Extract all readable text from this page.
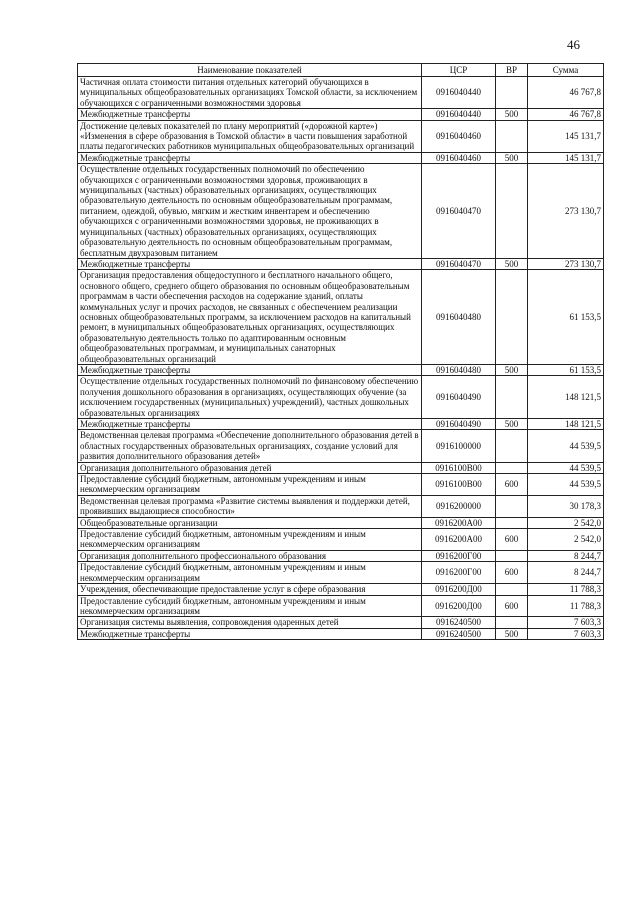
46
Наименование показателей	ЦСР	ВР	Сумма
Частичная оплата стоимости питания отдельных категорий обучающихся в муниципальных общеобразовательных организациях Томской области, за исключением обучающихся с ограниченными возможностями здоровья	0916040440		46 767,8
Межбюджетные трансферты	0916040440	500	46 767,8
Достижение целевых показателей по плану мероприятий («дорожной карте») «Изменения в сфере образования в Томской области» в части повышения заработной платы педагогических работников муниципальных общеобразовательных организаций	0916040460		145 131,7
Межбюджетные трансферты	0916040460	500	145 131,7
Осуществление отдельных государственных полномочий по обеспечению обучающихся с ограниченными возможностями здоровья, проживающих в муниципальных (частных) образовательных организациях, осуществляющих образовательную деятельность по основным общеобразовательным программам, питанием, одеждой, обувью, мягким и жестким инвентарем и обеспечению обучающихся с ограниченными возможностями здоровья, не проживающих в муниципальных (частных) образовательных организациях, осуществляющих образовательную деятельность по основным общеобразовательным программам, бесплатным двухразовым питанием	0916040470		273 130,7
Межбюджетные трансферты	0916040470	500	273 130,7
Организация предоставления общедоступного и бесплатного начального общего, основного общего, среднего общего образования по основным общеобразовательным программам в части обеспечения расходов на содержание зданий, оплаты коммунальных услуг и прочих расходов, не связанных с обеспечением реализации основных общеобразовательных программ, за исключением расходов на капитальный ремонт, в муниципальных общеобразовательных организациях, осуществляющих образовательную деятельность только по адаптированным основным общеобразовательных программам, и муниципальных санаторных общеобразовательных организаций	0916040480		61 153,5
Межбюджетные трансферты	0916040480	500	61 153,5
Осуществление отдельных государственных полномочий по финансовому обеспечению получения дошкольного образования в организациях, осуществляющих обучение (за исключением государственных (муниципальных) учреждений), частных дошкольных образовательных организациях	0916040490		148 121,5
Межбюджетные трансферты	0916040490	500	148 121,5
Ведомственная целевая программа «Обеспечение дополнительного образования детей в областных государственных образовательных организациях, создание условий для развития дополнительного образования детей»	0916100000		44 539,5
Организация дополнительного образования детей	0916100В00		44 539,5
Предоставление субсидий бюджетным, автономным учреждениям и иным некоммерческим организациям	0916100В00	600	44 539,5
Ведомственная целевая программа «Развитие системы выявления и поддержки детей, проявивших выдающиеся способности»	0916200000		30 178,3
Общеобразовательные организации	0916200А00		2 542,0
Предоставление субсидий бюджетным, автономным учреждениям и иным некоммерческим организациям	0916200А00	600	2 542,0
Организация дополнительного профессионального образования	0916200Г00		8 244,7
Предоставление субсидий бюджетным, автономным учреждениям и иным некоммерческим организациям	0916200Г00	600	8 244,7
Учреждения, обеспечивающие предоставление услуг в сфере образования	0916200Д00		11 788,3
Предоставление субсидий бюджетным, автономным учреждениям и иным некоммерческим организациям	0916200Д00	600	11 788,3
Организация системы выявления, сопровождения одаренных детей	0916240500		7 603,3
Межбюджетные трансферты	0916240500	500	7 603,3
